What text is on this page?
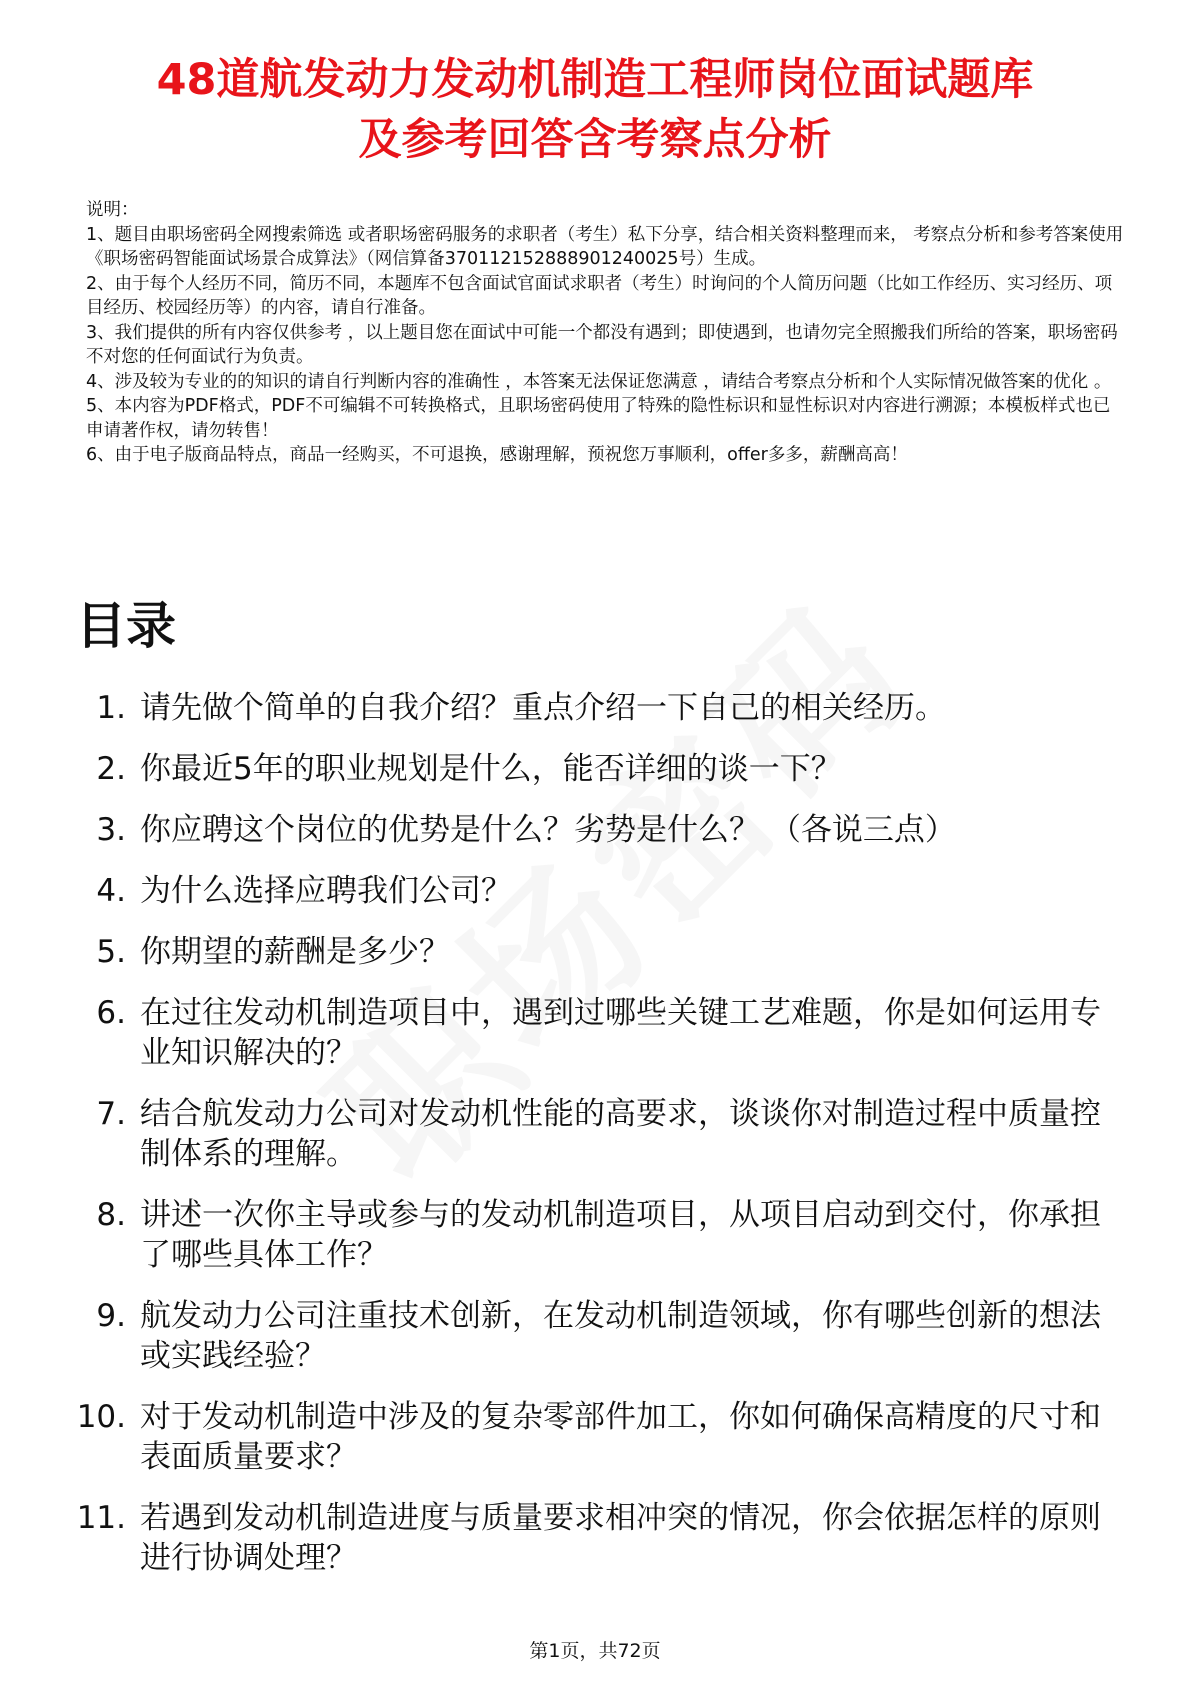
48道航发动力发动机制造工程师岗位面试题库
及参考回答含考察点分析

说明：

1、题目由职场密码全网搜索筛选 或者职场密码服务的求职者（考生）私下分享，结合相关资料整理而来， 考察点分析和参考答案使用《职场密码智能面试场景合成算法》（网信算备370112152888901240025号）生成。

2、由于每个人经历不同，简历不同，本题库不包含面试官面试求职者（考生）时询问的个人简历问题（比如工作经历、实习经历、项目经历、校园经历等）的内容，请自行准备。

3、我们提供的所有内容仅供参考 ，以上题目您在面试中可能一个都没有遇到；即使遇到，也请勿完全照搬我们所给的答案，职场密码不对您的任何面试行为负责。

4、涉及较为专业的的知识的请自行判断内容的准确性 ，本答案无法保证您满意 ，请结合考察点分析和个人实际情况做答案的优化 。

5、本内容为PDF格式，PDF不可编辑不可转换格式，且职场密码使用了特殊的隐性标识和显性标识对内容进行溯源；本模板样式也已申请著作权，请勿转售！

6、由于电子版商品特点，商品一经购买，不可退换，感谢理解，预祝您万事顺利，offer多多，薪酬高高！

目录
1. 请先做个简单的自我介绍？重点介绍一下自己的相关经历。
2. 你最近5年的职业规划是什么，能否详细的谈一下？
3. 你应聘这个岗位的优势是什么？劣势是什么？ （各说三点）
4. 为什么选择应聘我们公司？
5. 你期望的薪酬是多少？
6. 在过往发动机制造项目中，遇到过哪些关键工艺难题，你是如何运用专业知识解决的？
7. 结合航发动力公司对发动机性能的高要求，谈谈你对制造过程中质量控制体系的理解。
8. 讲述一次你主导或参与的发动机制造项目，从项目启动到交付，你承担了哪些具体工作？
9. 航发动力公司注重技术创新，在发动机制造领域，你有哪些创新的想法或实践经验？
10. 对于发动机制造中涉及的复杂零部件加工，你如何确保高精度的尺寸和表面质量要求？
11. 若遇到发动机制造进度与质量要求相冲突的情况，你会依据怎样的原则进行协调处理？
第1页，共72页
